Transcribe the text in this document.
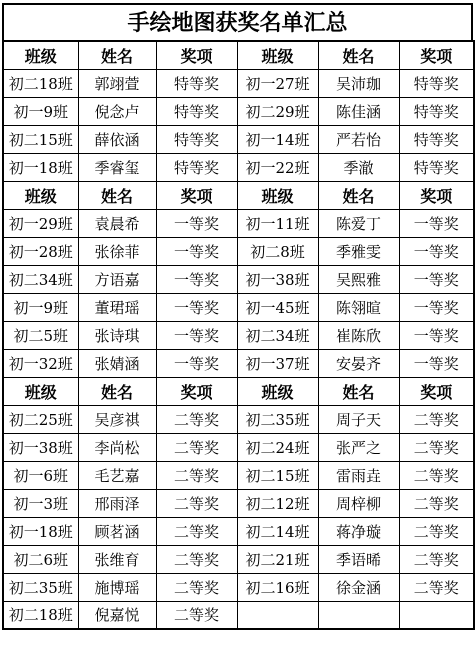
手绘地图获奖名单汇总
班级	姓名	奖项	班级	姓名	奖项
初二18班	郭翊萱	特等奖	初一27班	吴沛珈	特等奖
初一9班	倪念卢	特等奖	初二29班	陈佳涵	特等奖
初二15班	薛依涵	特等奖	初一14班	严若怡	特等奖
初一18班	季睿玺	特等奖	初一22班	季澈	特等奖
班级	姓名	奖项	班级	姓名	奖项
初一29班	袁晨希	一等奖	初一11班	陈爱丁	一等奖
初一28班	张徐菲	一等奖	初二8班	季雅雯	一等奖
初二34班	方语嘉	一等奖	初一38班	吴熙雅	一等奖
初一9班	董珺瑶	一等奖	初一45班	陈翎暄	一等奖
初二5班	张诗琪	一等奖	初二34班	崔陈欣	一等奖
初一32班	张婧涵	一等奖	初一37班	安晏齐	一等奖
班级	姓名	奖项	班级	姓名	奖项
初二25班	吴彦祺	二等奖	初二35班	周子天	二等奖
初一38班	李尚松	二等奖	初二24班	张严之	二等奖
初一6班	毛艺嘉	二等奖	初二15班	雷雨垚	二等奖
初一3班	邢雨泽	二等奖	初二12班	周梓柳	二等奖
初一18班	顾茗涵	二等奖	初二14班	蒋净璇	二等奖
初二6班	张维育	二等奖	初二21班	季语晞	二等奖
初二35班	施博瑶	二等奖	初二16班	徐金涵	二等奖
初二18班	倪嘉悦	二等奖			
